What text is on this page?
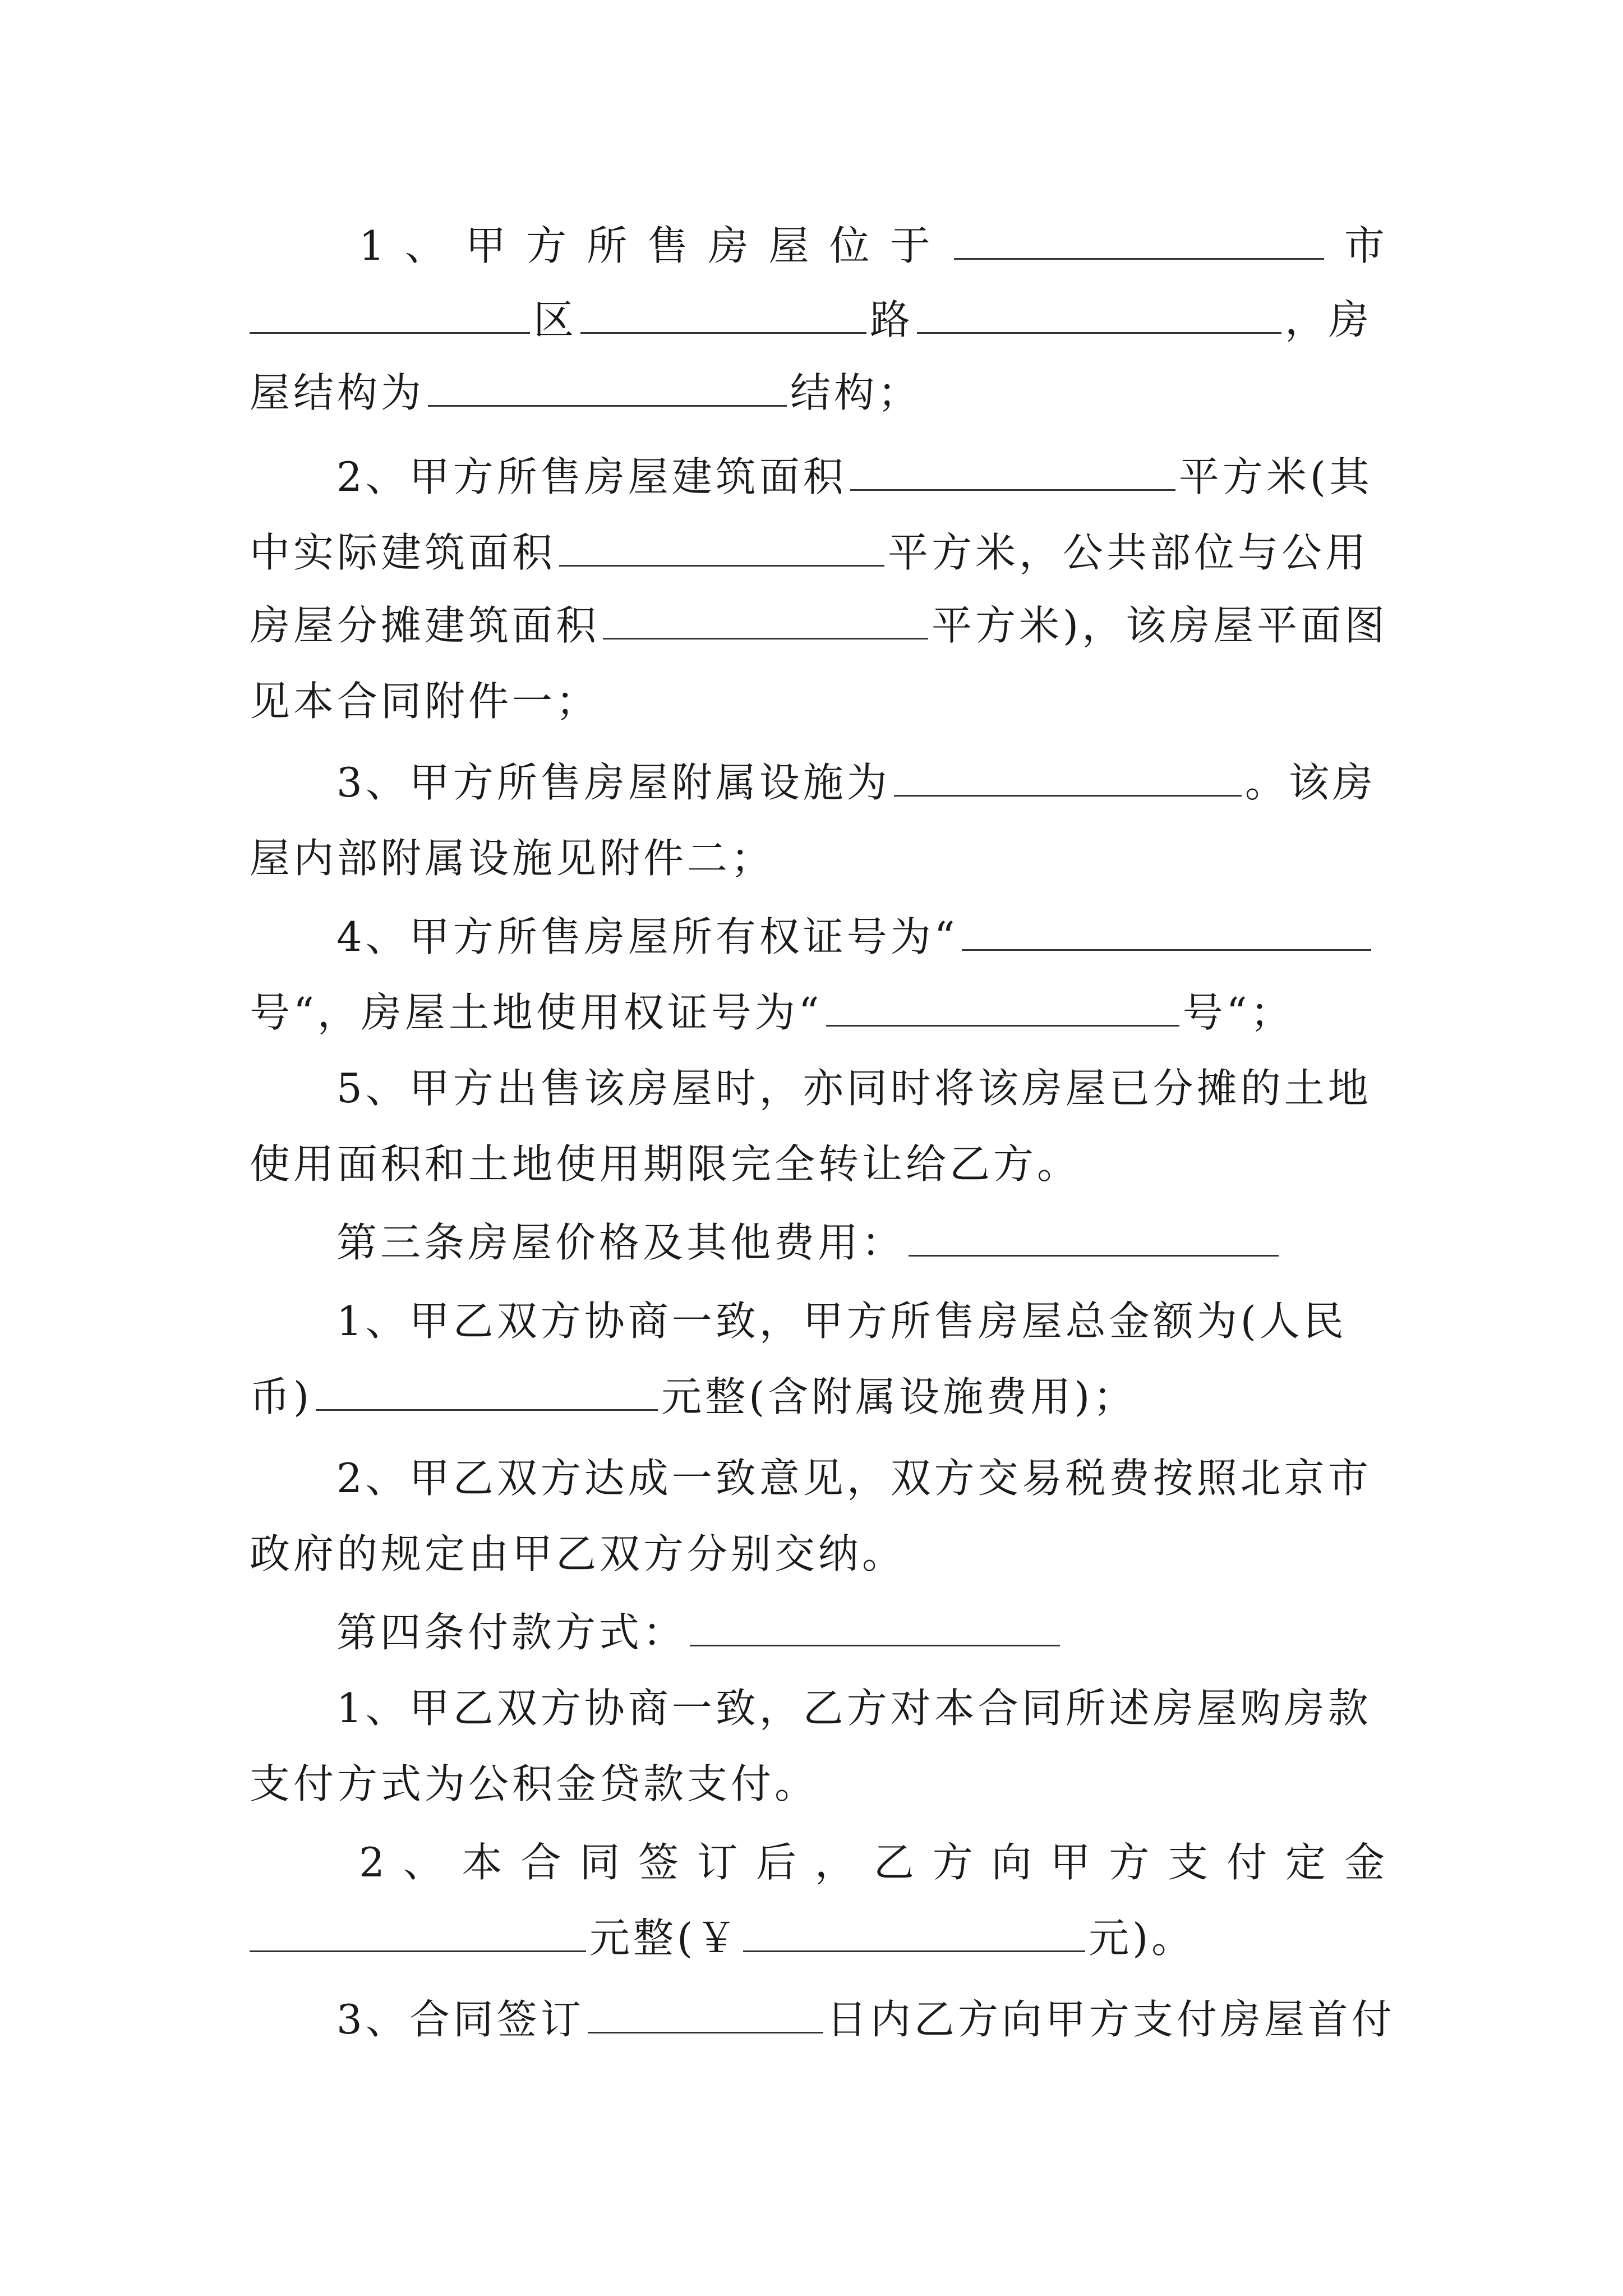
1 、 甲 方 所 售 房 屋 位 于	市
区	路	，房
屋结构为	结构；
2、甲方所售房屋建筑面积	平方米(其
中实际建筑面积	平方米，公共部位与公用
房屋分摊建筑面积	平方米)，该房屋平面图
见本合同附件一；
3、甲方所售房屋附属设施为	。该房
屋内部附属设施见附件二；
4、甲方所售房屋所有权证号为“
号“，房屋土地使用权证号为“	号“；
5、甲方出售该房屋时，亦同时将该房屋已分摊的土地
使用面积和土地使用期限完全转让给乙方。
第三条房屋价格及其他费用：
1、甲乙双方协商一致，甲方所售房屋总金额为(人民
币)	元整(含附属设施费用)；
2、甲乙双方达成一致意见，双方交易税费按照北京市
政府的规定由甲乙双方分别交纳。
第四条付款方式：
1、甲乙双方协商一致，乙方对本合同所述房屋购房款
支付方式为公积金贷款支付。
2 、 本 合 同 签 订 后 ， 乙 方 向 甲 方 支 付 定 金
元整(￥	元)。
3、合同签订	日内乙方向甲方支付房屋首付
